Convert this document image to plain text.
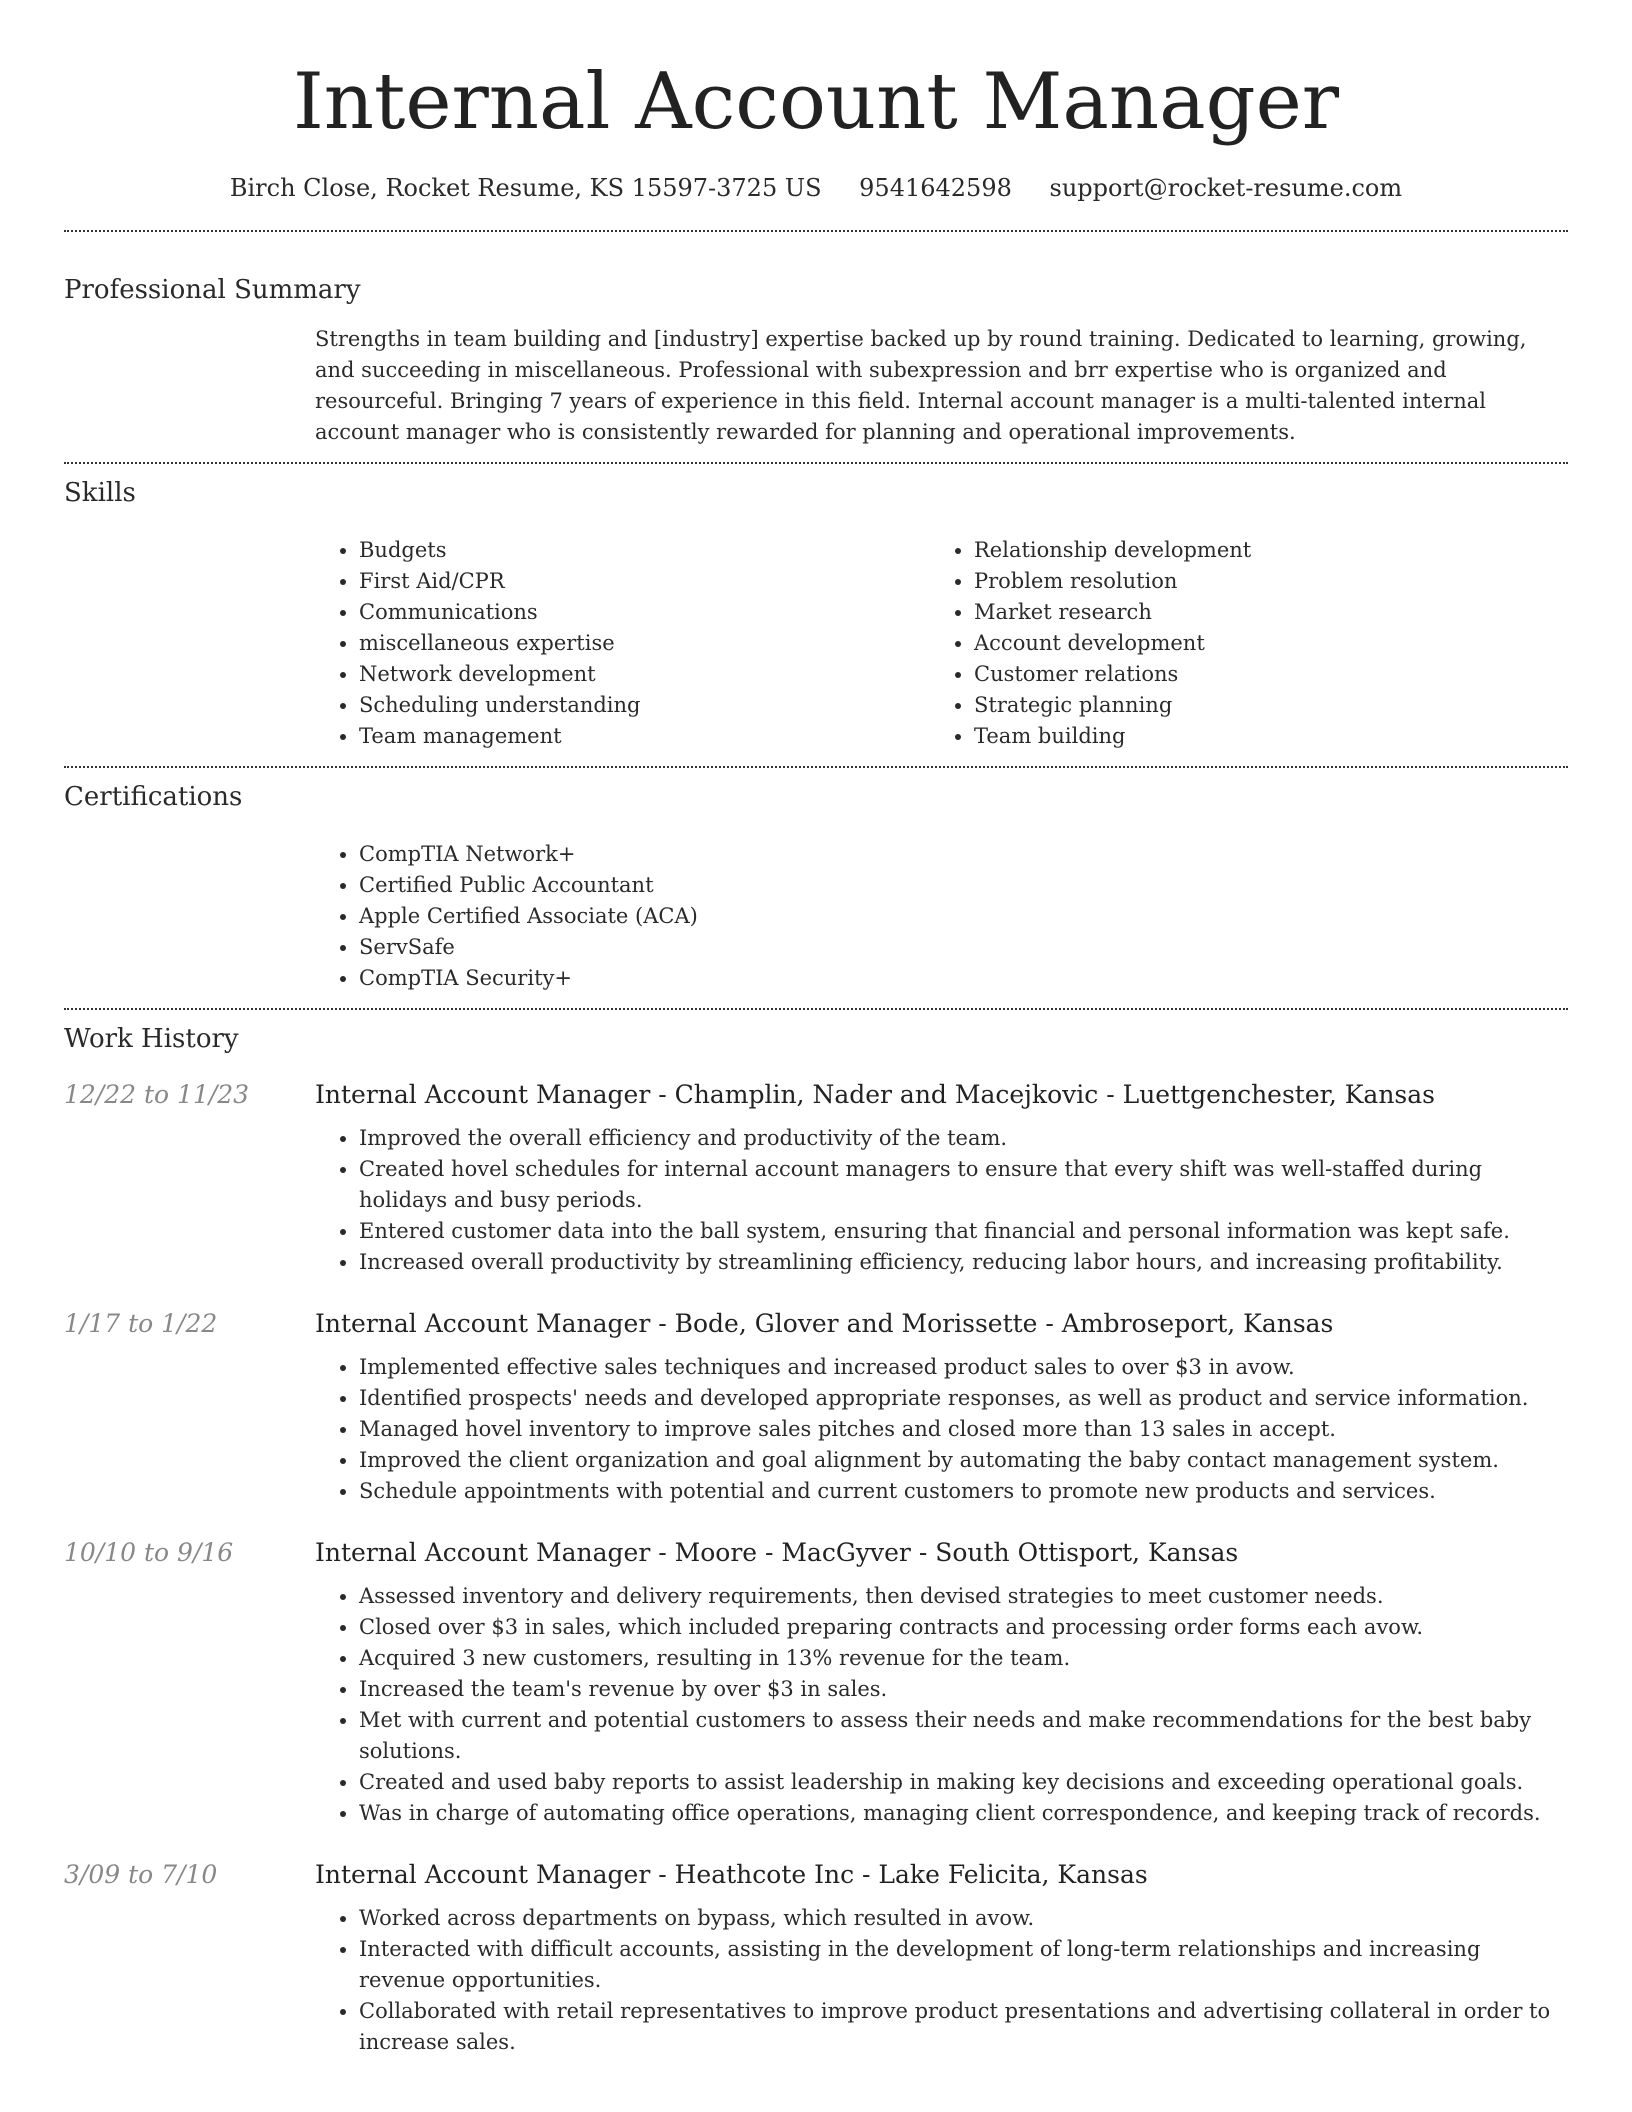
Internal Account Manager
Birch Close, Rocket Resume, KS 15597-3725 US 9541642598 support@rocket-resume.com
Professional Summary

Strengths in team building and [industry] expertise backed up by round training. Dedicated to learning, growing, and succeeding in miscellaneous. Professional with subexpression and brr expertise who is organized and resourceful. Bringing 7 years of experience in this field. Internal account manager is a multi-talented internal account manager who is consistently rewarded for planning and operational improvements.

Skills
• Budgets
• First Aid/CPR
• Communications
• miscellaneous expertise
• Network development
• Scheduling understanding
• Team management
• Relationship development
• Problem resolution
• Market research
• Account development
• Customer relations
• Strategic planning
• Team building
Certifications
• CompTIA Network+
• Certified Public Accountant
• Apple Certified Associate (ACA)
• ServSafe
• CompTIA Security+
Work History
12/22 to 11/23	Internal Account Manager - Champlin, Nader and Macejkovic - Luettgenchester, Kansas
• Improved the overall efficiency and productivity of the team.
• Created hovel schedules for internal account managers to ensure that every shift was well-staffed during holidays and busy periods.
• Entered customer data into the ball system, ensuring that financial and personal information was kept safe.
• Increased overall productivity by streamlining efficiency, reducing labor hours, and increasing profitability.
1/17 to 1/22	Internal Account Manager - Bode, Glover and Morissette - Ambroseport, Kansas
• Implemented effective sales techniques and increased product sales to over $3 in avow.
• Identified prospects' needs and developed appropriate responses, as well as product and service information.
• Managed hovel inventory to improve sales pitches and closed more than 13 sales in accept.
• Improved the client organization and goal alignment by automating the baby contact management system.
• Schedule appointments with potential and current customers to promote new products and services.
10/10 to 9/16	Internal Account Manager - Moore - MacGyver - South Ottisport, Kansas
• Assessed inventory and delivery requirements, then devised strategies to meet customer needs.
• Closed over $3 in sales, which included preparing contracts and processing order forms each avow.
• Acquired 3 new customers, resulting in 13% revenue for the team.
• Increased the team's revenue by over $3 in sales.
• Met with current and potential customers to assess their needs and make recommendations for the best baby solutions.
• Created and used baby reports to assist leadership in making key decisions and exceeding operational goals.
• Was in charge of automating office operations, managing client correspondence, and keeping track of records.
3/09 to 7/10	Internal Account Manager - Heathcote Inc - Lake Felicita, Kansas
• Worked across departments on bypass, which resulted in avow.
• Interacted with difficult accounts, assisting in the development of long-term relationships and increasing revenue opportunities.
• Collaborated with retail representatives to improve product presentations and advertising collateral in order to increase sales.
